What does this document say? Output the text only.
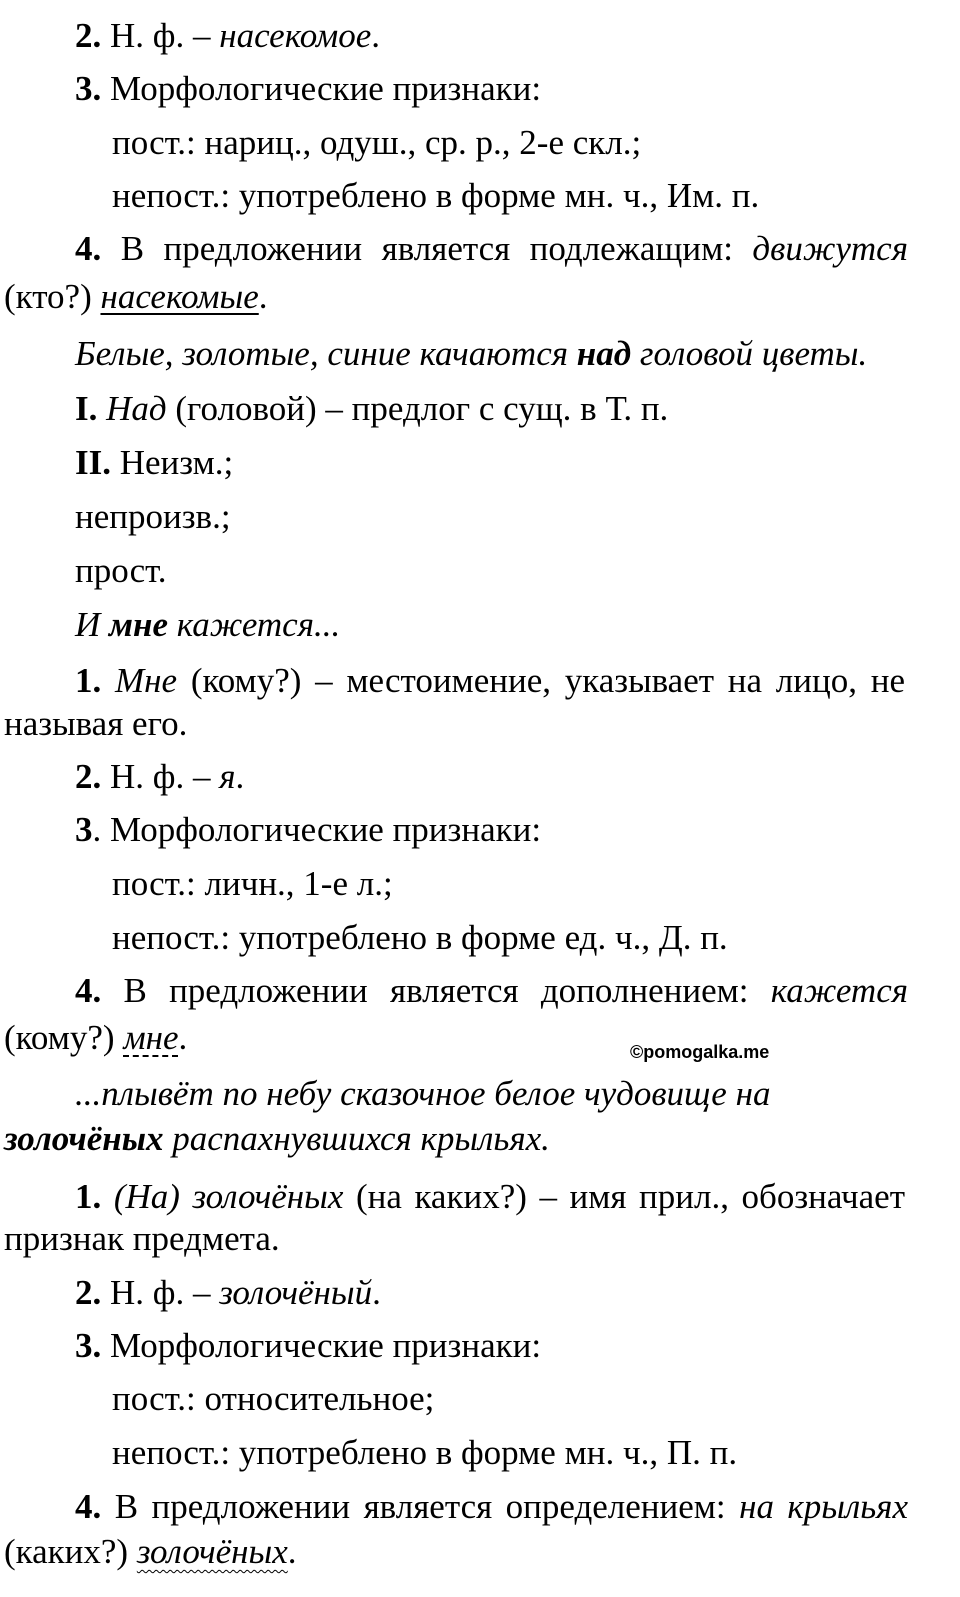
2. Н. ф. – насекомое.
3. Морфологические признаки:
пост.: нариц., одуш., ср. р., 2-е скл.;
непост.: употреблено в форме мн. ч., Им. п.
4. В предложении является подлежащим: движутся
(кто?) насекомые.
Белые, золотые, синие качаются над головой цветы.
I. Над (головой) – предлог с сущ. в Т. п.
II. Неизм.;
непроизв.;
прост.
И мне кажется...
1. Мне (кому?) – местоимение, указывает на лицо, не
называя его.
2. Н. ф. – я.
3. Морфологические признаки:
пост.: личн., 1-е л.;
непост.: употреблено в форме ед. ч., Д. п.
4. В предложении является дополнением: кажется
(кому?) мне.	©pomogalka.me
...плывёт по небу сказочное белое чудовище на
золочёных распахнувшихся крыльях.
1. (На) золочёных (на каких?) – имя прил., обозначает
признак предмета.
2. Н. ф. – золочёный.
3. Морфологические признаки:
пост.: относительное;
непост.: употреблено в форме мн. ч., П. п.
4. В предложении является определением: на крыльях
(каких?) золочёных.
